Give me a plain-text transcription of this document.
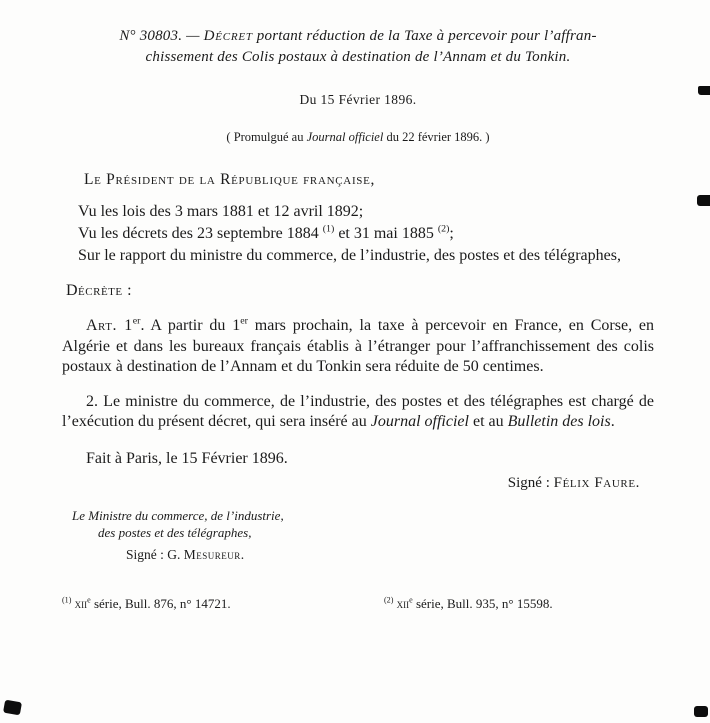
N° 30803. — Décret portant réduction de la Taxe à percevoir pour l’affran-
chissement des Colis postaux à destination de l’Annam et du Tonkin.

Du 15 Février 1896.

( Promulgué au Journal officiel du 22 février 1896. )

Le Président de la République française,

Vu les lois des 3 mars 1881 et 12 avril 1892;

Vu les décrets des 23 septembre 1884 $^{(1)}$ et 31 mai 1885 $^{(2)}$;

Sur le rapport du ministre du commerce, de l’industrie, des postes et des télégraphes,

Décrète :

Art. 1er. A partir du 1er mars prochain, la taxe à percevoir en France, en Corse, en Algérie et dans les bureaux français établis à l’étranger pour l’affranchissement des colis postaux à destination de l’Annam et du Tonkin sera réduite de 50 centimes.

2. Le ministre du commerce, de l’industrie, des postes et des télégraphes est chargé de l’exécution du présent décret, qui sera inséré au Journal officiel et au Bulletin des lois.

Fait à Paris, le 15 Février 1896.

Signé : Félix Faure.

Le Ministre du commerce, de l’industrie,
des postes et des télégraphes,
Signé : G. Mesureur.
$^{(1)}$ xii$^e$ série, Bull. 876, n° 14721.	$^{(2)}$ xii$^e$ série, Bull. 935, n° 15598.
